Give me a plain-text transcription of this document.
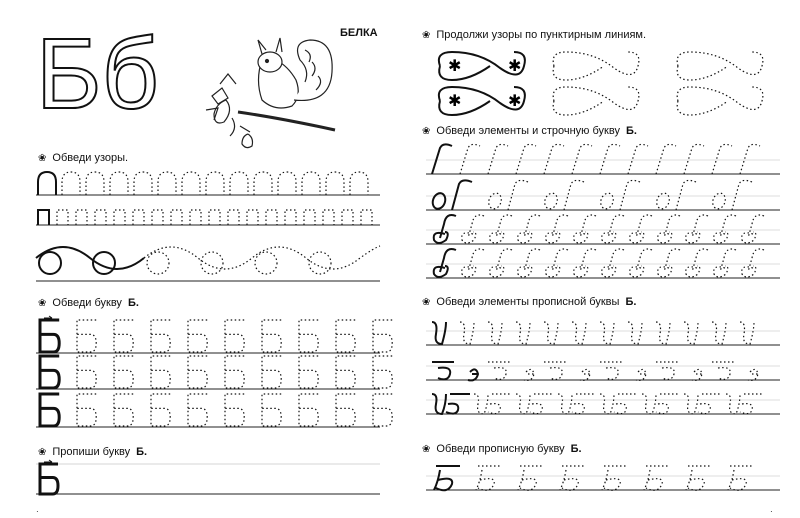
Бб	БЕЛКА
❀ Обведи узоры.
❀ Обведи букву Б.
❀ Пропиши букву Б.
❀ Продолжи узоры по пунктирным линиям.
❀ Обведи элементы и строчную букву Б.
❀ Обведи элементы прописной буквы Б.
❀ Обведи прописную букву Б.
✱	✱
✱	✱
·	·
